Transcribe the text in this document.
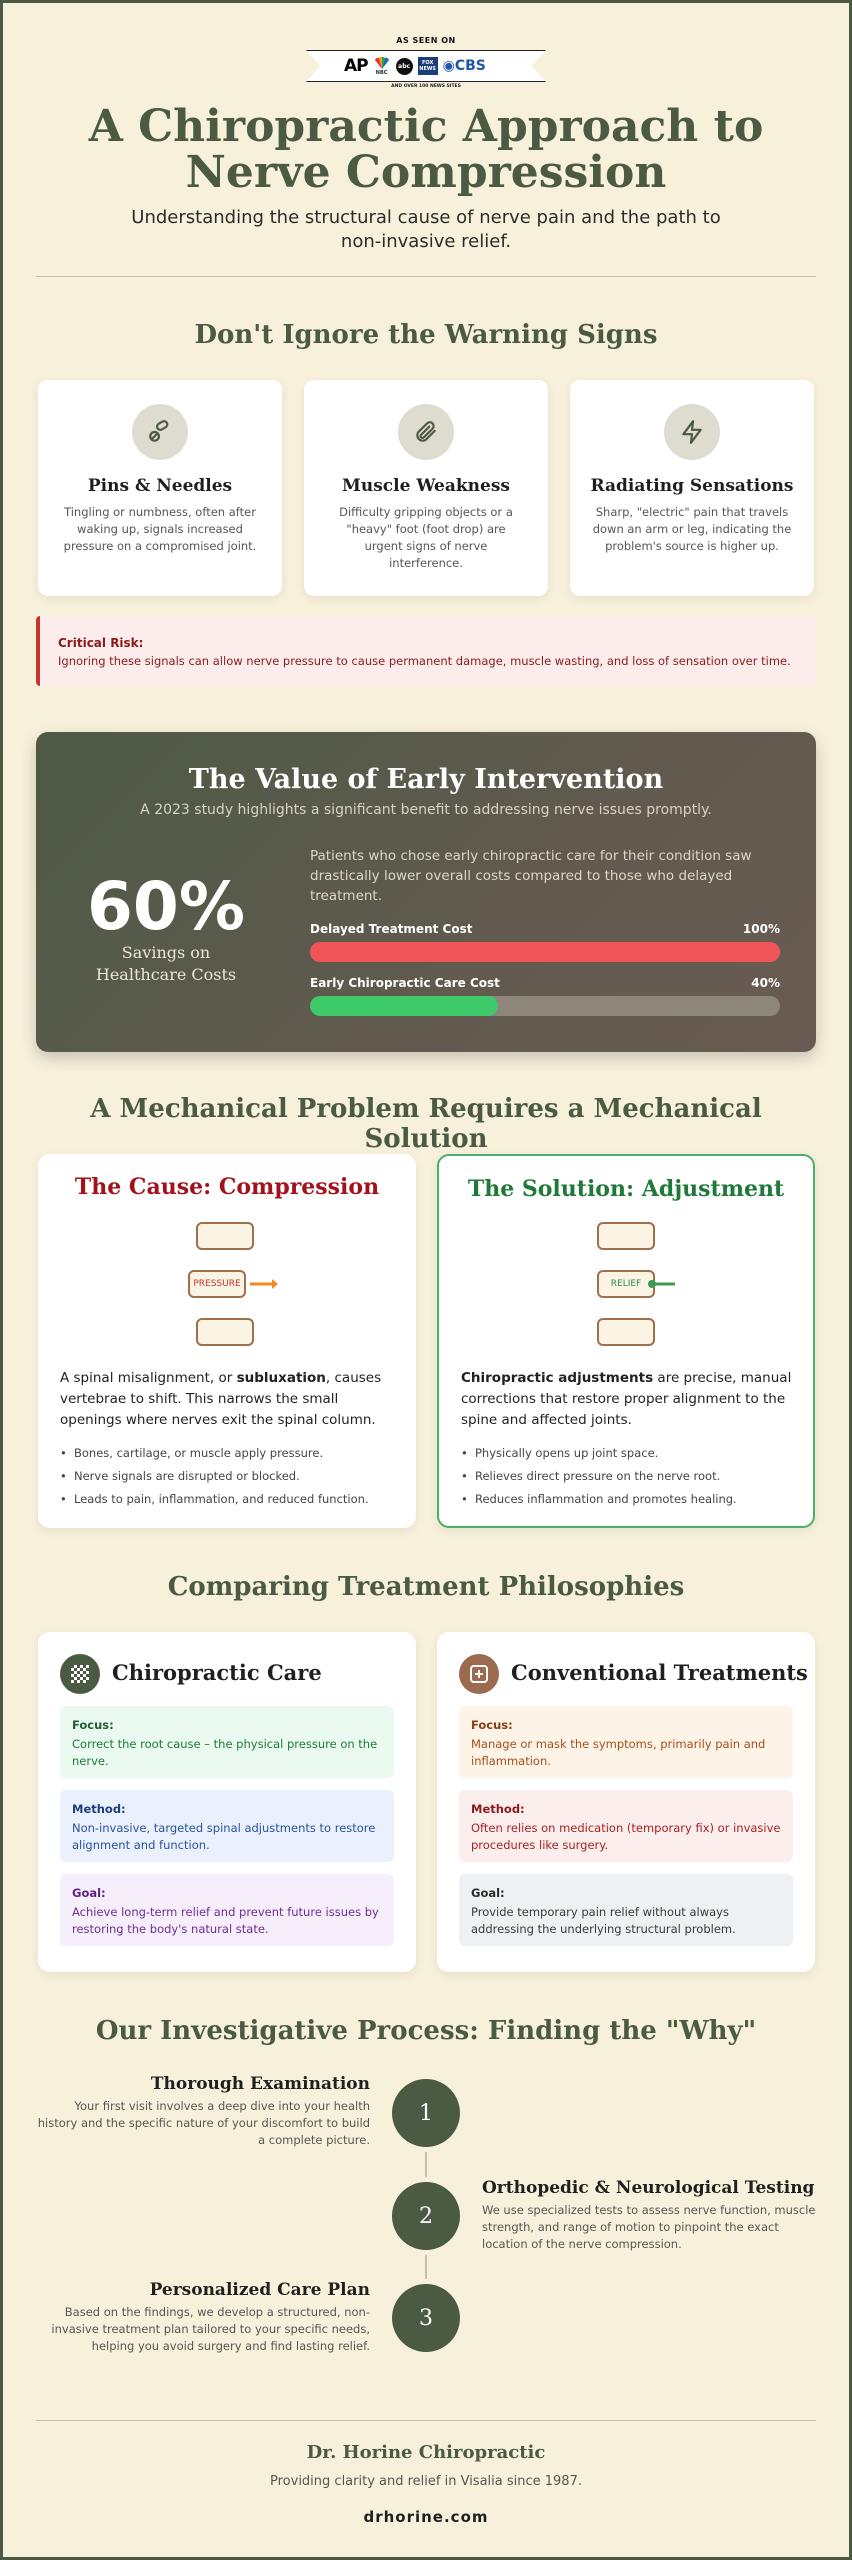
AS SEEN ON
AP NBC
abc	FOX NEWS ◉CBS
AND OVER 100 NEWS SITES
A Chiropractic Approach to Nerve Compression

Understanding the structural cause of nerve pain and the path to non-invasive relief.

Don't Ignore the Warning Signs
Pins & Needles
Tingling or numbness, often after waking up, signals increased pressure on a compromised joint.
Muscle Weakness
Difficulty gripping objects or a "heavy" foot (foot drop) are urgent signs of nerve interference.
Radiating Sensations
Sharp, "electric" pain that travels down an arm or leg, indicating the problem's source is higher up.
Critical Risk:
Ignoring these signals can allow nerve pressure to cause permanent damage, muscle wasting, and loss of sensation over time.
The Value of Early Intervention
A 2023 study highlights a significant benefit to addressing nerve issues promptly.
60%
Savings on Healthcare Costs
Patients who chose early chiropractic care for their condition saw drastically lower overall costs compared to those who delayed treatment.
Delayed Treatment Cost	100%
Early Chiropractic Care Cost	40%
A Mechanical Problem Requires a Mechanical Solution
The Cause: Compression
PRESSURE
A spinal misalignment, or subluxation, causes vertebrae to shift. This narrows the small openings where nerves exit the spinal column.
• Bones, cartilage, or muscle apply pressure.
• Nerve signals are disrupted or blocked.
• Leads to pain, inflammation, and reduced function.
The Solution: Adjustment
RELIEF
Chiropractic adjustments are precise, manual corrections that restore proper alignment to the spine and affected joints.
• Physically opens up joint space.
• Relieves direct pressure on the nerve root.
• Reduces inflammation and promotes healing.
Comparing Treatment Philosophies
Chiropractic Care
Focus:
Correct the root cause – the physical pressure on the nerve.
Method:
Non-invasive, targeted spinal adjustments to restore alignment and function.
Goal:
Achieve long-term relief and prevent future issues by restoring the body's natural state.
Conventional Treatments
Focus:
Manage or mask the symptoms, primarily pain and inflammation.
Method:
Often relies on medication (temporary fix) or invasive procedures like surgery.
Goal:
Provide temporary pain relief without always addressing the underlying structural problem.
Our Investigative Process: Finding the "Why"
Thorough Examination
Your first visit involves a deep dive into your health history and the specific nature of your discomfort to build a complete picture.
1
2
Orthopedic & Neurological Testing
We use specialized tests to assess nerve function, muscle strength, and range of motion to pinpoint the exact location of the nerve compression.
Personalized Care Plan
Based on the findings, we develop a structured, non-invasive treatment plan tailored to your specific needs, helping you avoid surgery and find lasting relief.
3
Dr. Horine Chiropractic
Providing clarity and relief in Visalia since 1987.
drhorine.com
